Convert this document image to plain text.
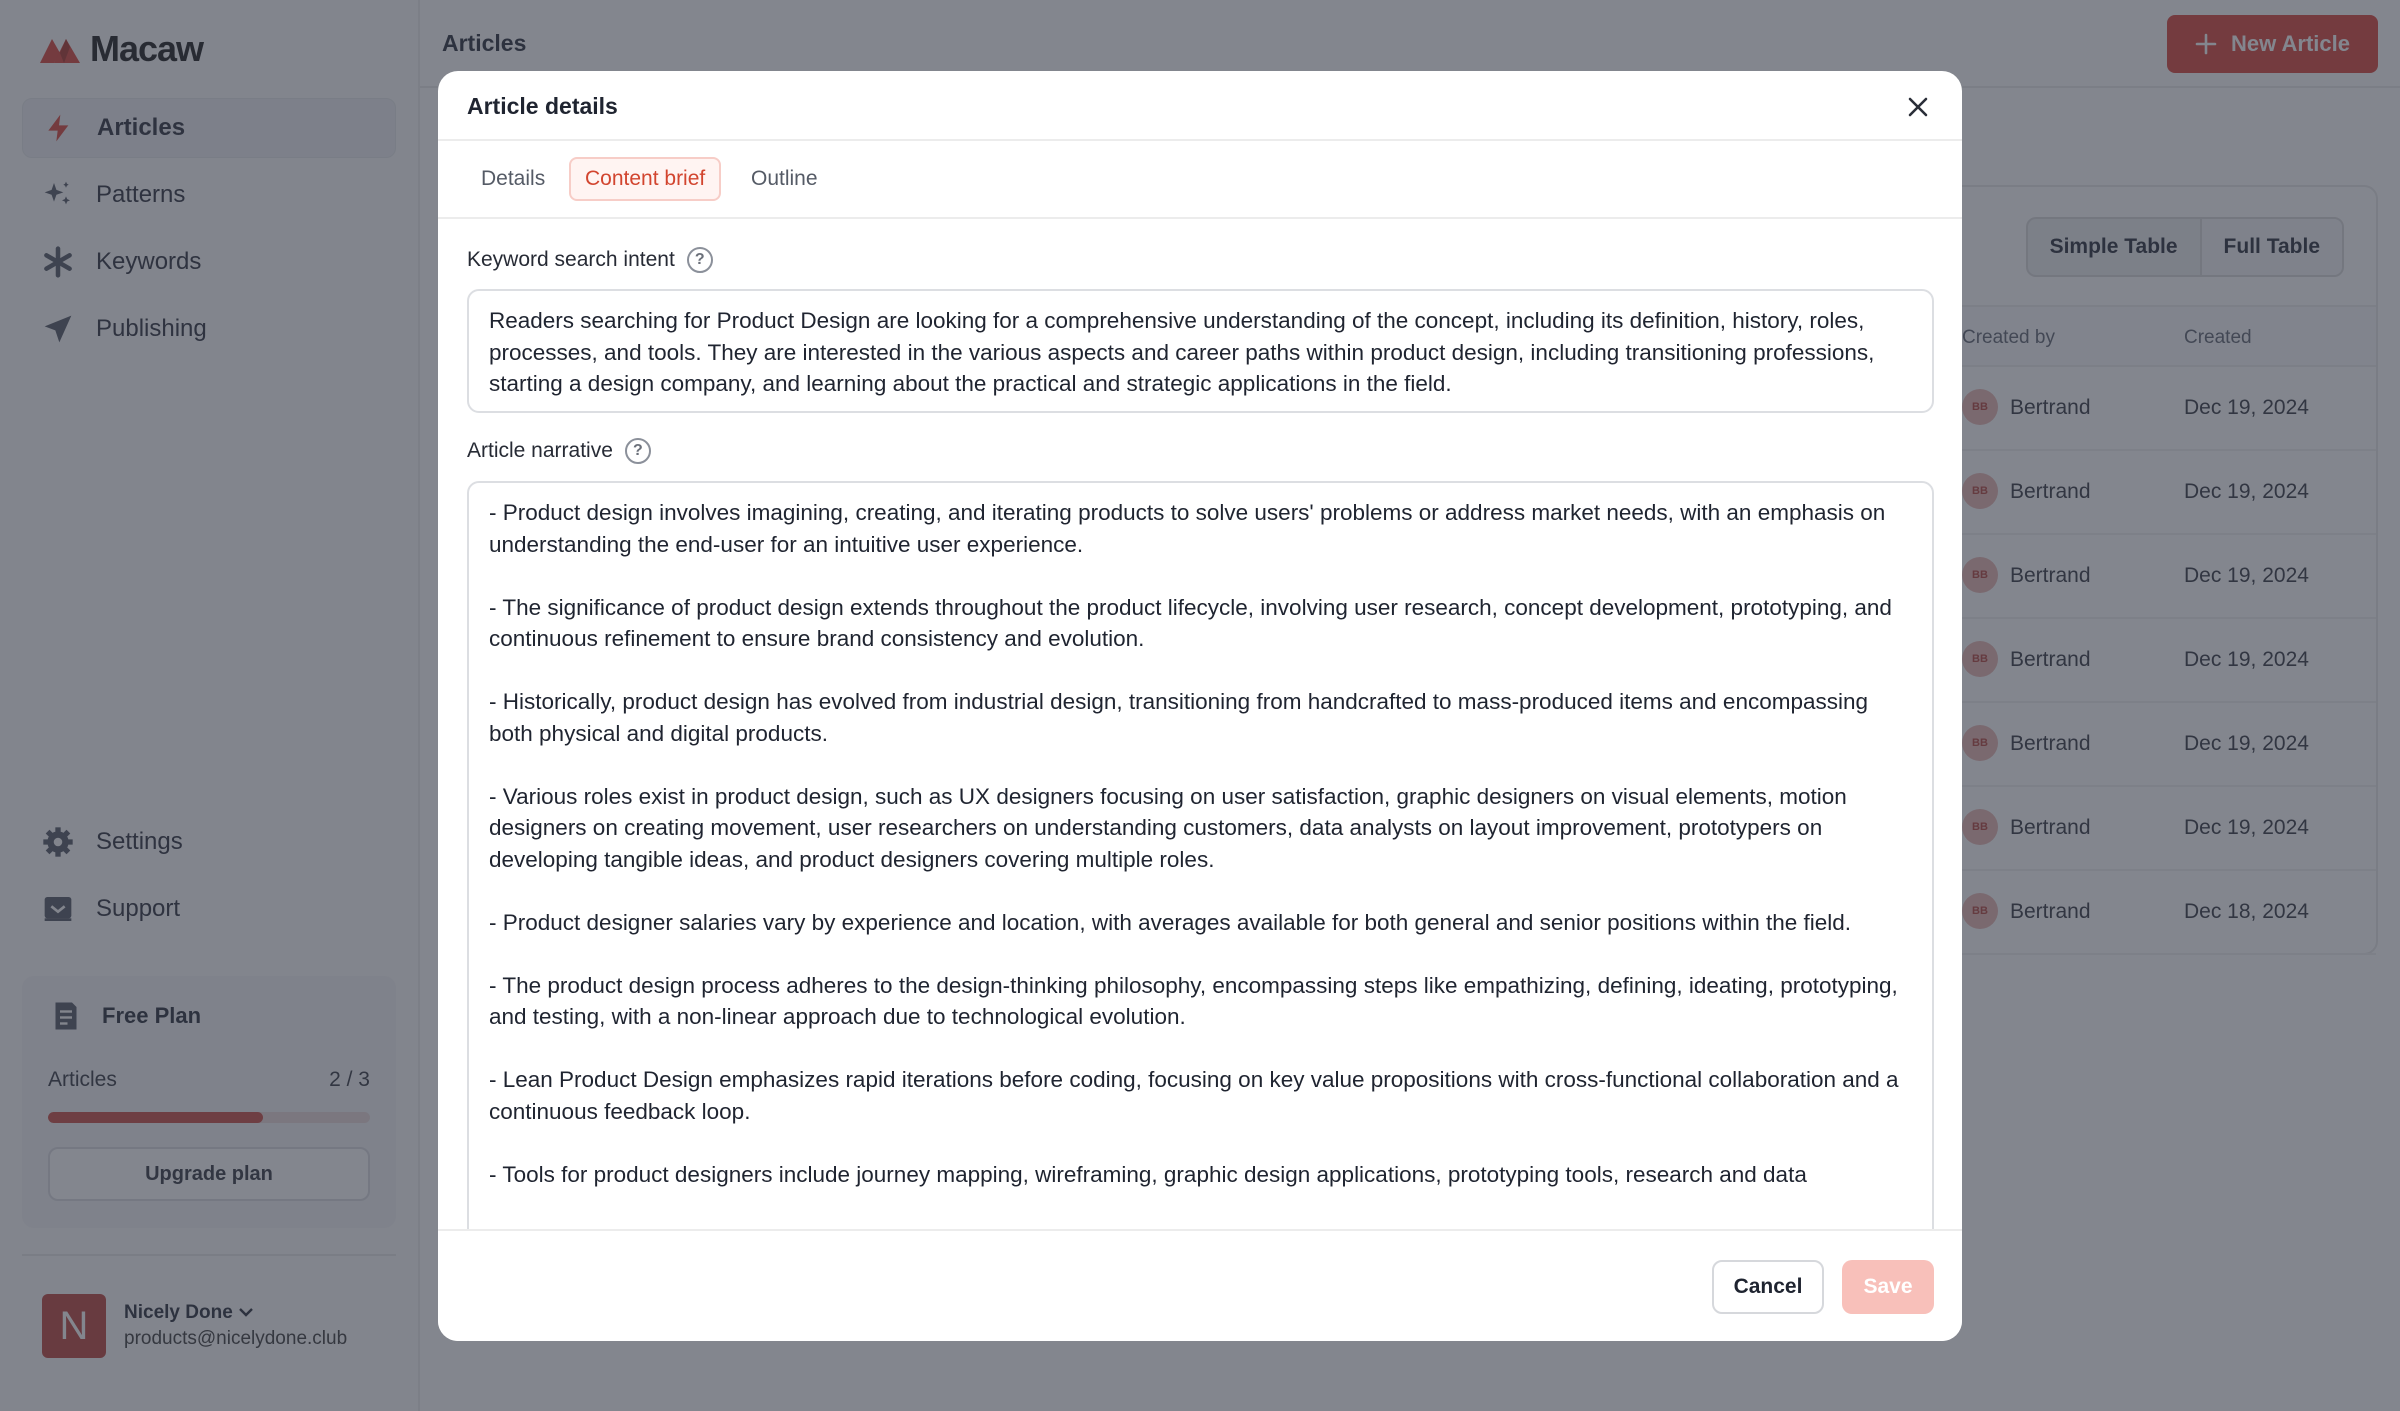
Article details
Details	Content brief	Outline
Keyword search intent	?
Readers searching for Product Design are looking for a comprehensive understanding of the concept, including its definition, history, roles, processes, and tools. They are interested in the various aspects and career paths within product design, including transitioning professions, starting a design company, and learning about the practical and strategic applications in the field.
Article narrative	?
- Product design involves imagining, creating, and iterating products to solve users' problems or address market needs, with an emphasis on understanding the end-user for an intuitive user experience.

- The significance of product design extends throughout the product lifecycle, involving user research, concept development, prototyping, and continuous refinement to ensure brand consistency and evolution.

- Historically, product design has evolved from industrial design, transitioning from handcrafted to mass-produced items and encompassing both physical and digital products.

- Various roles exist in product design, such as UX designers focusing on user satisfaction, graphic designers on visual elements, motion designers on creating movement, user researchers on understanding customers, data analysts on layout improvement, prototypers on developing tangible ideas, and product designers covering multiple roles.

- Product designer salaries vary by experience and location, with averages available for both general and senior positions within the field.

- The product design process adheres to the design-thinking philosophy, encompassing steps like empathizing, defining, ideating, prototyping, and testing, with a non-linear approach due to technological evolution.

- Lean Product Design emphasizes rapid iterations before coding, focusing on key value propositions with cross-functional collaboration and a continuous feedback loop.

- Tools for product designers include journey mapping, wireframing, graphic design applications, prototyping tools, research and data
Cancel	Save
